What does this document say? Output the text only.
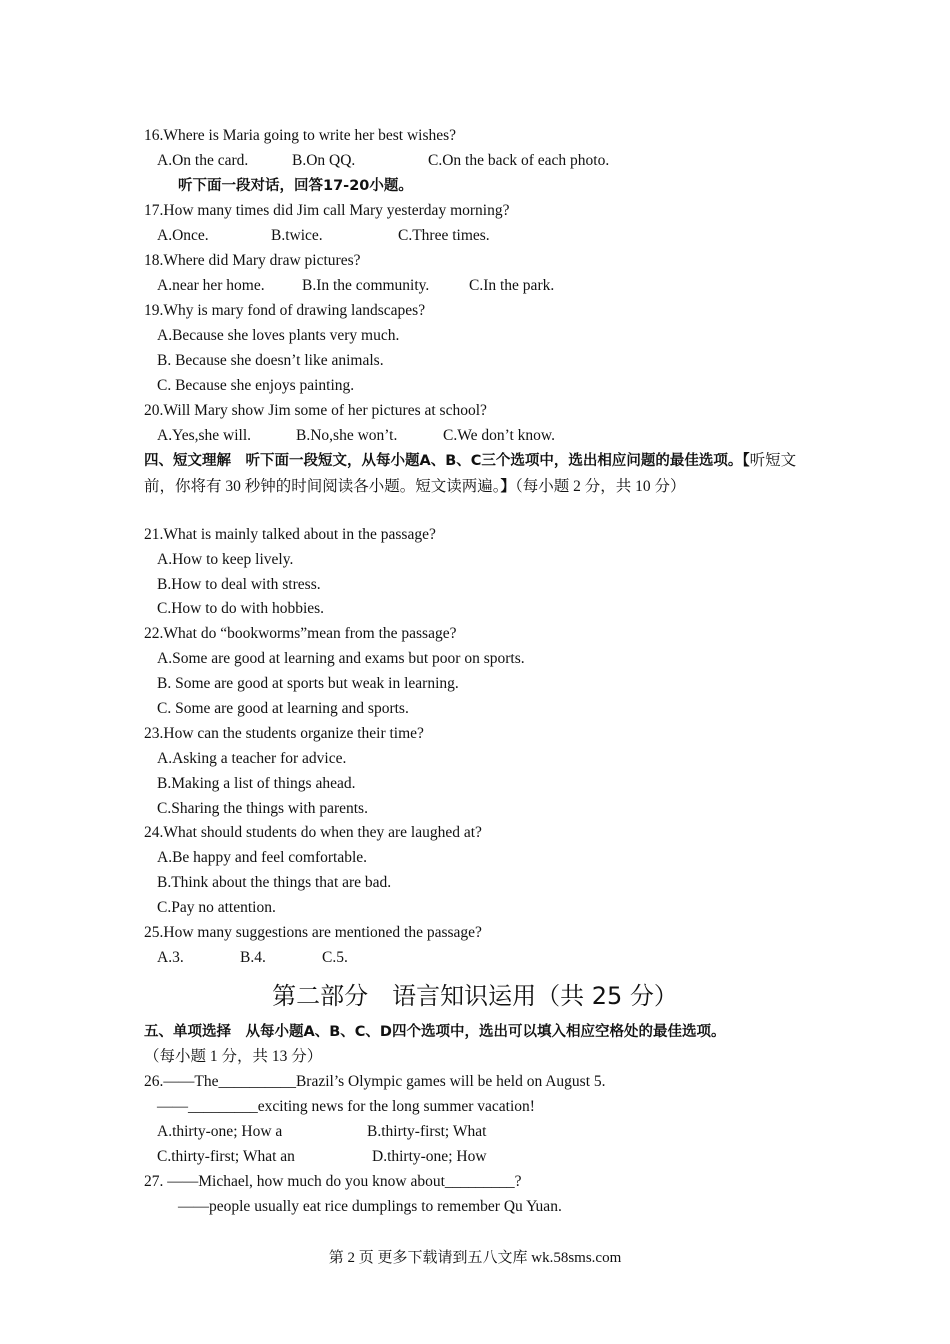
16.Where is Maria going to write her best wishes?
A.On the card.	B.On QQ.	C.On the back of each photo.
听下面一段对话，回答17-20小题。
17.How many times did Jim call Mary yesterday morning?
A.Once.	B.twice.	C.Three times.
18.Where did Mary draw pictures?
A.near her home. B.In the community.	C.In the park.
19.Why is mary fond of drawing landscapes?
A.Because she loves plants very much.
B. Because she doesn’t like animals.
C. Because she enjoys painting.
20.Will Mary show Jim some of her pictures at school?
A.Yes,she will.	B.No,she won’t.	C.We don’t know.
四、短文理解　听下面一段短文，从每小题A、B、C三个选项中，选出相应问题的最佳选项。【听短文前，你将有 30 秒钟的时间阅读各小题。短文读两遍。】（每小题 2 分，共 10 分）
21.What is mainly talked about in the passage?
A.How to keep lively.
B.How to deal with stress.
C.How to do with hobbies.
22.What do “bookworms”mean from the passage?
A.Some are good at learning and exams but poor on sports.
B. Some are good at sports but weak in learning.
C. Some are good at learning and sports.
23.How can the students organize their time?
A.Asking a teacher for advice.
B.Making a list of things ahead.
C.Sharing the things with parents.
24.What should students do when they are laughed at?
A.Be happy and feel comfortable.
B.Think about the things that are bad.
C.Pay no attention.
25.How many suggestions are mentioned the passage?
A.3.	B.4.	C.5.
第二部分　语言知识运用（共 25 分）
五、单项选择　从每小题A、B、C、D四个选项中，选出可以填入相应空格处的最佳选项。
（每小题 1 分，共 13 分）
26.——The__________Brazil’s Olympic games will be held on August 5.
——_________exciting news for the long summer vacation!
A.thirty-one; How a	B.thirty-first; What
C.thirty-first; What an	D.thirty-one; How
27. ——Michael, how much do you know about_________?
——people usually eat rice dumplings to remember Qu Yuan.
第 2 页 更多下载请到五八文库 wk.58sms.com
